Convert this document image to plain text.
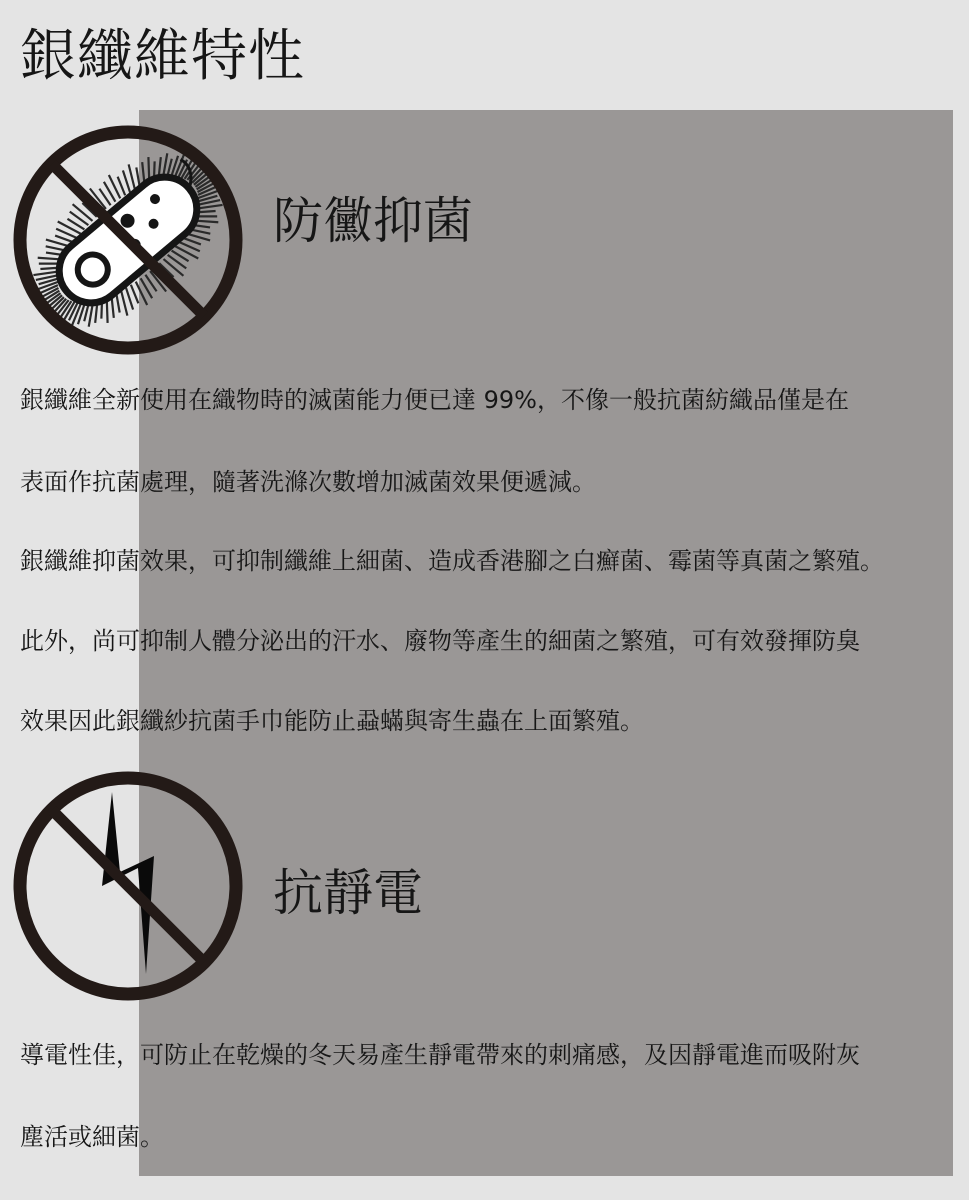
銀纖維特性
防黴抑菌
銀纖維全新使用在織物時的滅菌能力便已達 99%，不像一般抗菌紡織品僅是在
表面作抗菌處理，隨著洗滌次數增加滅菌效果便遞減。
銀纖維抑菌效果，可抑制纖維上細菌、造成香港腳之白癬菌、霉菌等真菌之繁殖。
此外，尚可抑制人體分泌出的汗水、廢物等產生的細菌之繁殖，可有效發揮防臭
效果因此銀纖紗抗菌手巾能防止蝨蟎與寄生蟲在上面繁殖。
抗靜電
導電性佳，可防止在乾燥的冬天易產生靜電帶來的刺痛感，及因靜電進而吸附灰
塵活或細菌。
